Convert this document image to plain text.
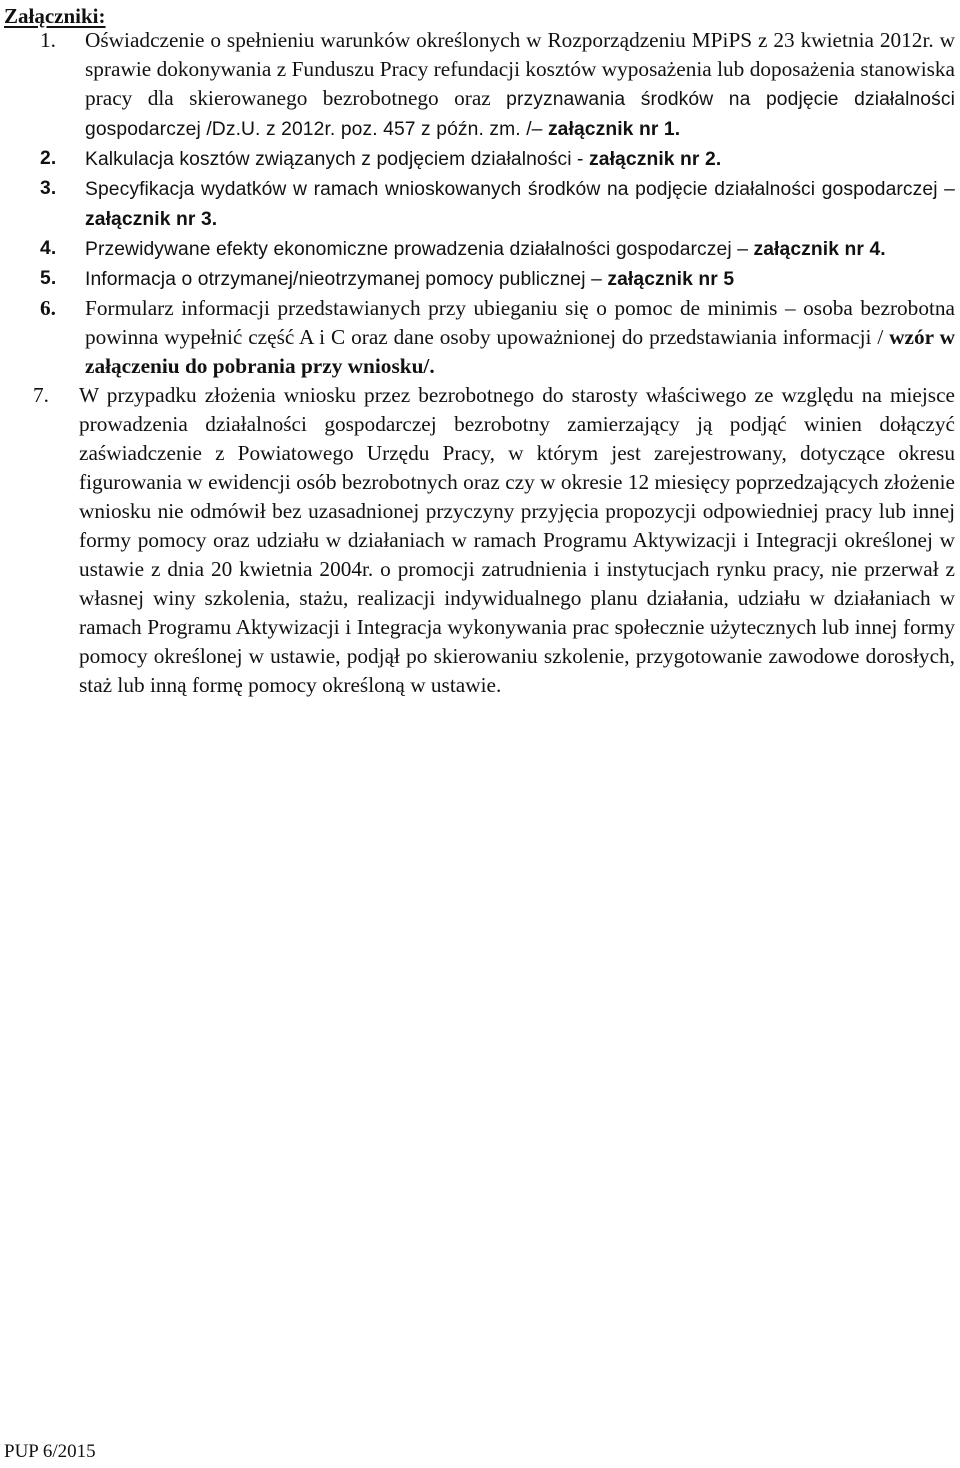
Załączniki:

1. Oświadczenie o spełnieniu warunków określonych w Rozporządzeniu MPiPS z 23 kwietnia 2012r. w sprawie dokonywania z Funduszu Pracy refundacji kosztów wyposażenia lub doposażenia stanowiska pracy dla skierowanego bezrobotnego oraz przyznawania środków na podjęcie działalności gospodarczej /Dz.U. z 2012r. poz. 457 z późn. zm. /– załącznik nr 1.

2. Kalkulacja kosztów związanych z podjęciem działalności - załącznik nr 2.

3. Specyfikacja wydatków w ramach wnioskowanych środków na podjęcie działalności gospodarczej – załącznik nr 3.

4. Przewidywane efekty ekonomiczne prowadzenia działalności gospodarczej – załącznik nr 4.

5. Informacja o otrzymanej/nieotrzymanej pomocy publicznej – załącznik nr 5

6. Formularz informacji przedstawianych przy ubieganiu się o pomoc de minimis – osoba bezrobotna powinna wypełnić część A i C oraz dane osoby upoważnionej do przedstawiania informacji / wzór w załączeniu do pobrania przy wniosku/.

7. W przypadku złożenia wniosku przez bezrobotnego do starosty właściwego ze względu na miejsce prowadzenia działalności gospodarczej bezrobotny zamierzający ją podjąć winien dołączyć zaświadczenie z Powiatowego Urzędu Pracy, w którym jest zarejestrowany, dotyczące okresu figurowania w ewidencji osób bezrobotnych oraz czy w okresie 12 miesięcy poprzedzających złożenie wniosku nie odmówił bez uzasadnionej przyczyny przyjęcia propozycji odpowiedniej pracy lub innej formy pomocy oraz udziału w działaniach w ramach Programu Aktywizacji i Integracji określonej w ustawie z dnia 20 kwietnia 2004r. o promocji zatrudnienia i instytucjach rynku pracy, nie przerwał z własnej winy szkolenia, stażu, realizacji indywidualnego planu działania, udziału w działaniach w ramach Programu Aktywizacji i Integracja wykonywania prac społecznie użytecznych lub innej formy pomocy określonej w ustawie, podjął po skierowaniu szkolenie, przygotowanie zawodowe dorosłych, staż lub inną formę pomocy określoną w ustawie.

PUP 6/2015
